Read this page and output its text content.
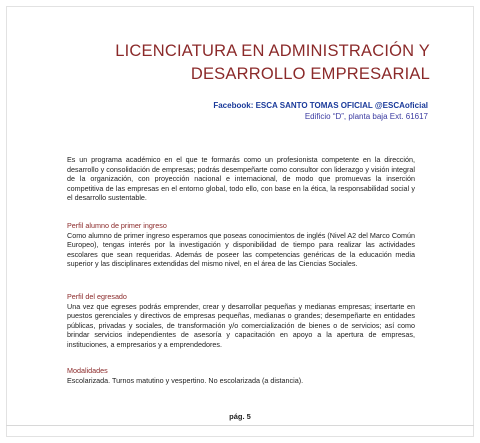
LICENCIATURA EN ADMINISTRACIÓN Y
DESARROLLO EMPRESARIAL
Facebook: ESCA SANTO TOMAS OFICIAL @ESCAoficial
Edificio “D”, planta baja Ext. 61617
Es un programa académico en el que te formarás como un profesionista competente en la dirección, desarrollo y consolidación de empresas; podrás desempeñarte como consultor con liderazgo y visión integral de la organización, con proyección nacional e internacional, de modo que promuevas la inserción competitiva de las empresas en el entorno global, todo ello, con base en la ética, la responsabilidad social y el desarrollo sustentable.
Perfil alumno de primer ingreso
Como alumno de primer ingreso esperamos que poseas conocimientos de inglés (Nivel A2 del Marco Común Europeo), tengas interés por la investigación y disponibilidad de tiempo para realizar las actividades escolares que sean requeridas. Además de poseer las competencias genéricas de la educación media superior y las disciplinares extendidas del mismo nivel, en el área de las Ciencias Sociales.
Perfil del egresado
Una vez que egreses podrás emprender, crear y desarrollar pequeñas y medianas empresas; insertarte en puestos gerenciales y directivos de empresas pequeñas, medianas o grandes; desempeñarte en entidades públicas, privadas y sociales, de transformación y/o comercialización de bienes o de servicios; así como brindar servicios independientes de asesoría y capacitación en apoyo a la apertura de empresas, instituciones, a empresarios y a emprendedores.
Modalidades
Escolarizada. Turnos matutino y vespertino. No escolarizada (a distancia).
pág. 5
